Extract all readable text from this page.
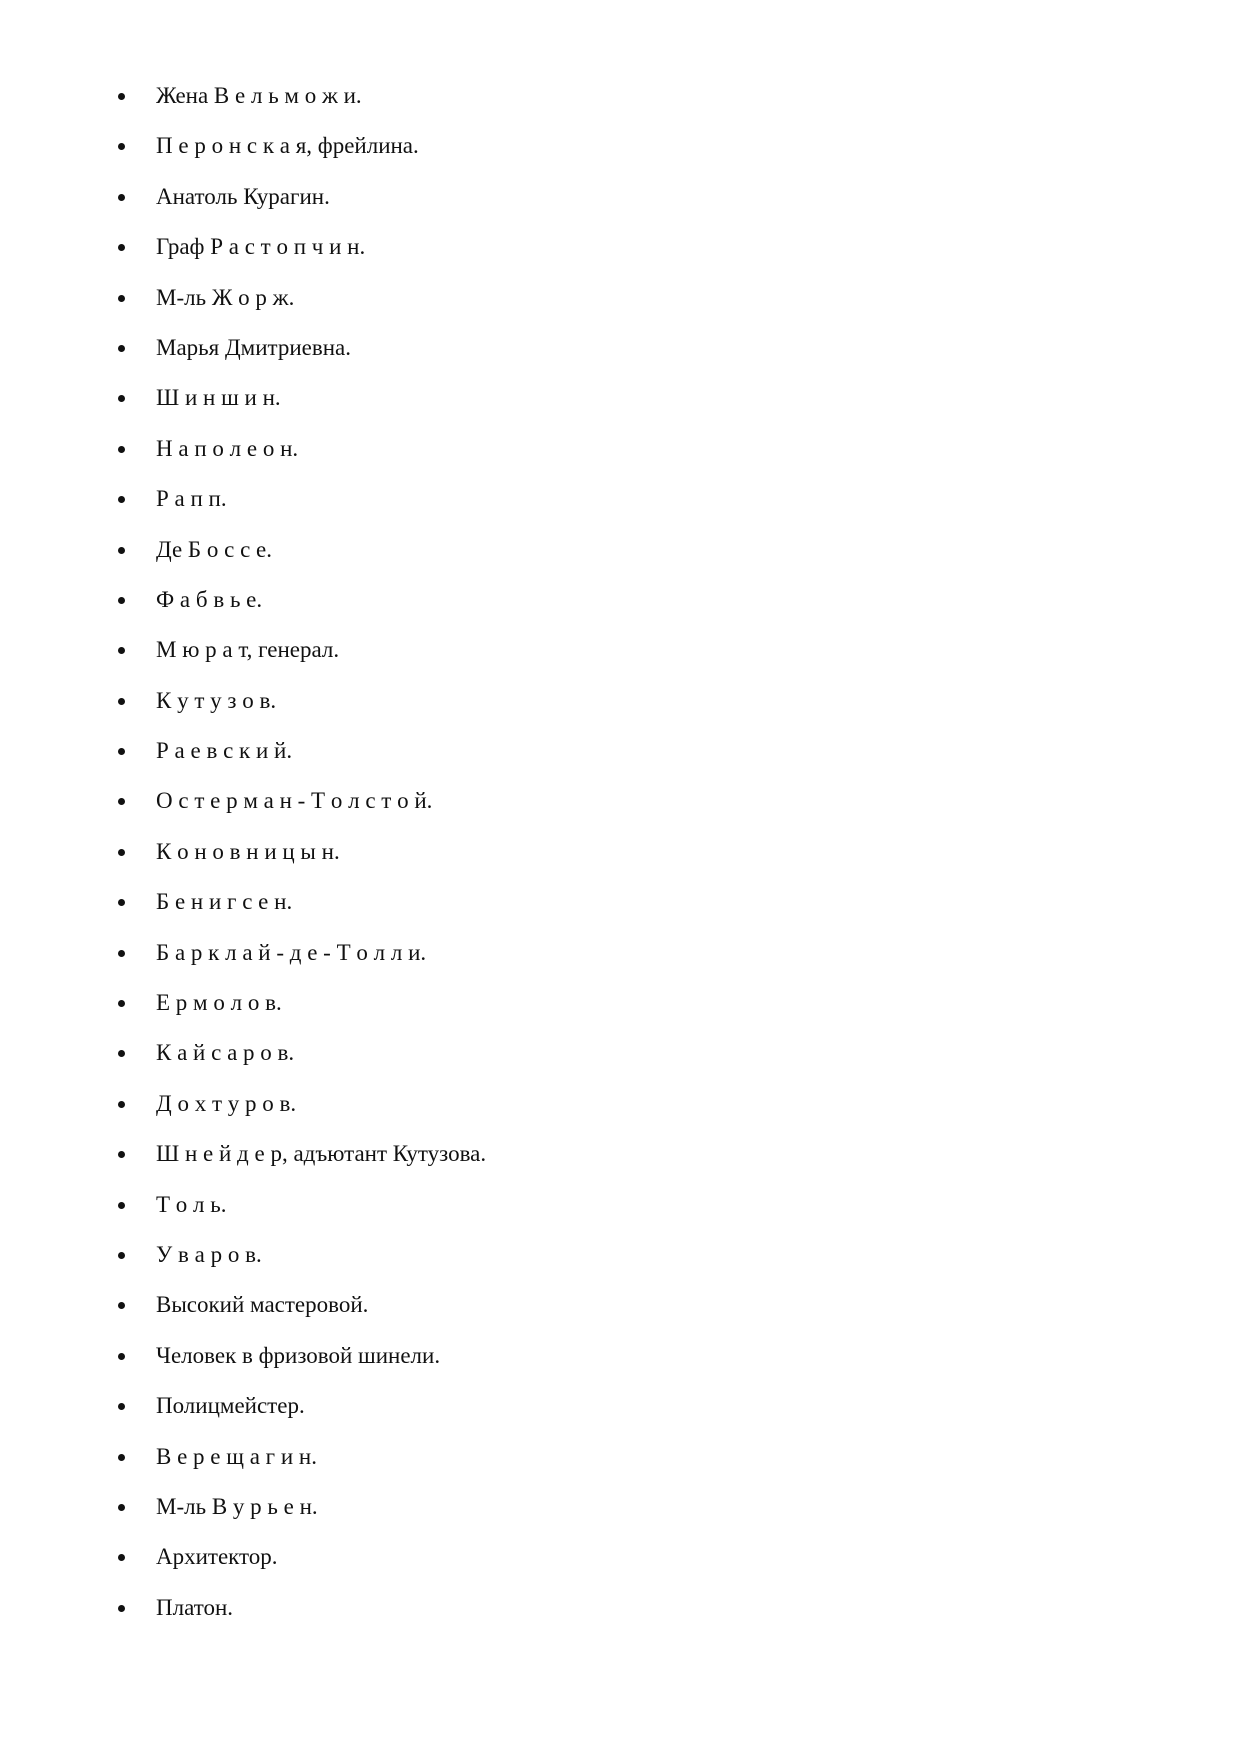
Жена В е л ь м о ж и.
П е р о н с к а я, фрейлина.
Анатоль Курагин.
Граф Р а с т о п ч и н.
М-ль Ж о р ж.
Марья Дмитриевна.
Ш и н ш и н.
Н а п о л е о н.
Р а п п.
Де Б о с с е.
Ф а б в ь е.
М ю р а т, генерал.
К у т у з о в.
Р а е в с к и й.
О с т е р м а н - Т о л с т о й.
К о н о в н и ц ы н.
Б е н и г с е н.
Б а р к л а й - д е - Т о л л и.
Е р м о л о в.
К а й с а р о в.
Д о х т у р о в.
Ш н е й д е р, адъютант Кутузова.
Т о л ь.
У в а р о в.
Высокий мастеровой.
Человек в фризовой шинели.
Полицмейстер.
В е р е щ а г и н.
М-ль В у р ь е н.
Архитектор.
Платон.
